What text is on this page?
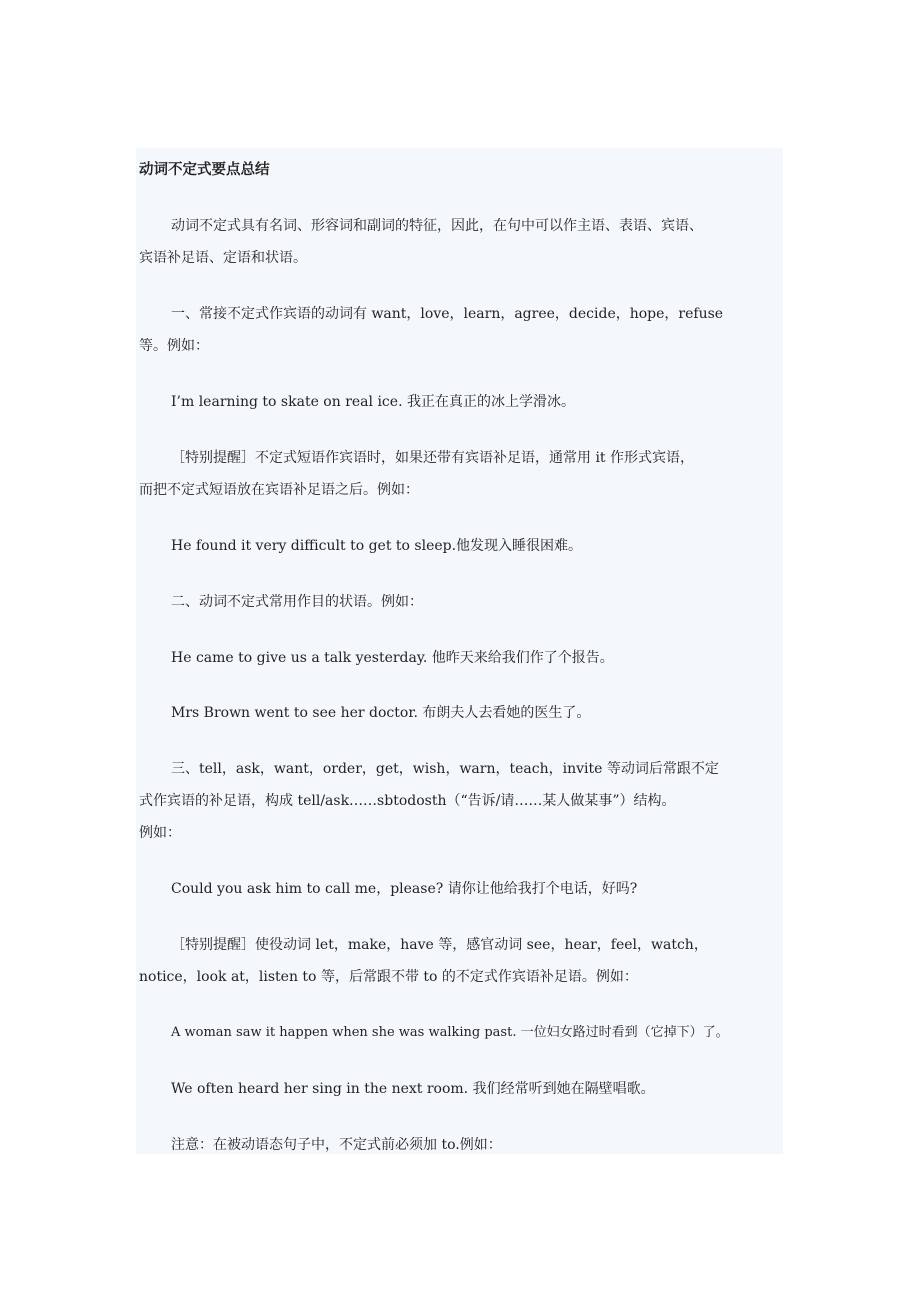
动词不定式要点总结
动词不定式具有名词、形容词和副词的特征，因此，在句中可以作主语、表语、宾语、
宾语补足语、定语和状语。
一、常接不定式作宾语的动词有 want，love，learn，agree，decide，hope，refuse
等。例如：
I’m learning to skate on real ice. 我正在真正的冰上学滑冰。
［特别提醒］不定式短语作宾语时，如果还带有宾语补足语，通常用 it 作形式宾语，
而把不定式短语放在宾语补足语之后。例如：
He found it very difficult to get to sleep.他发现入睡很困难。
二、动词不定式常用作目的状语。例如：
He came to give us a talk yesterday. 他昨天来给我们作了个报告。
Mrs Brown went to see her doctor. 布朗夫人去看她的医生了。
三、tell，ask，want，order，get，wish，warn，teach，invite 等动词后常跟不定
式作宾语的补足语，构成 tell/ask……sbtodosth（“告诉/请……某人做某事”）结构。
例如：
Could you ask him to call me，please? 请你让他给我打个电话，好吗?
［特别提醒］使役动词 let，make，have 等，感官动词 see，hear，feel，watch，
notice，look at，listen to 等，后常跟不带 to 的不定式作宾语补足语。例如：
A woman saw it happen when she was walking past. 一位妇女路过时看到（它掉下）了。
We often heard her sing in the next room. 我们经常听到她在隔壁唱歌。
注意：在被动语态句子中，不定式前必须加 to.例如：
